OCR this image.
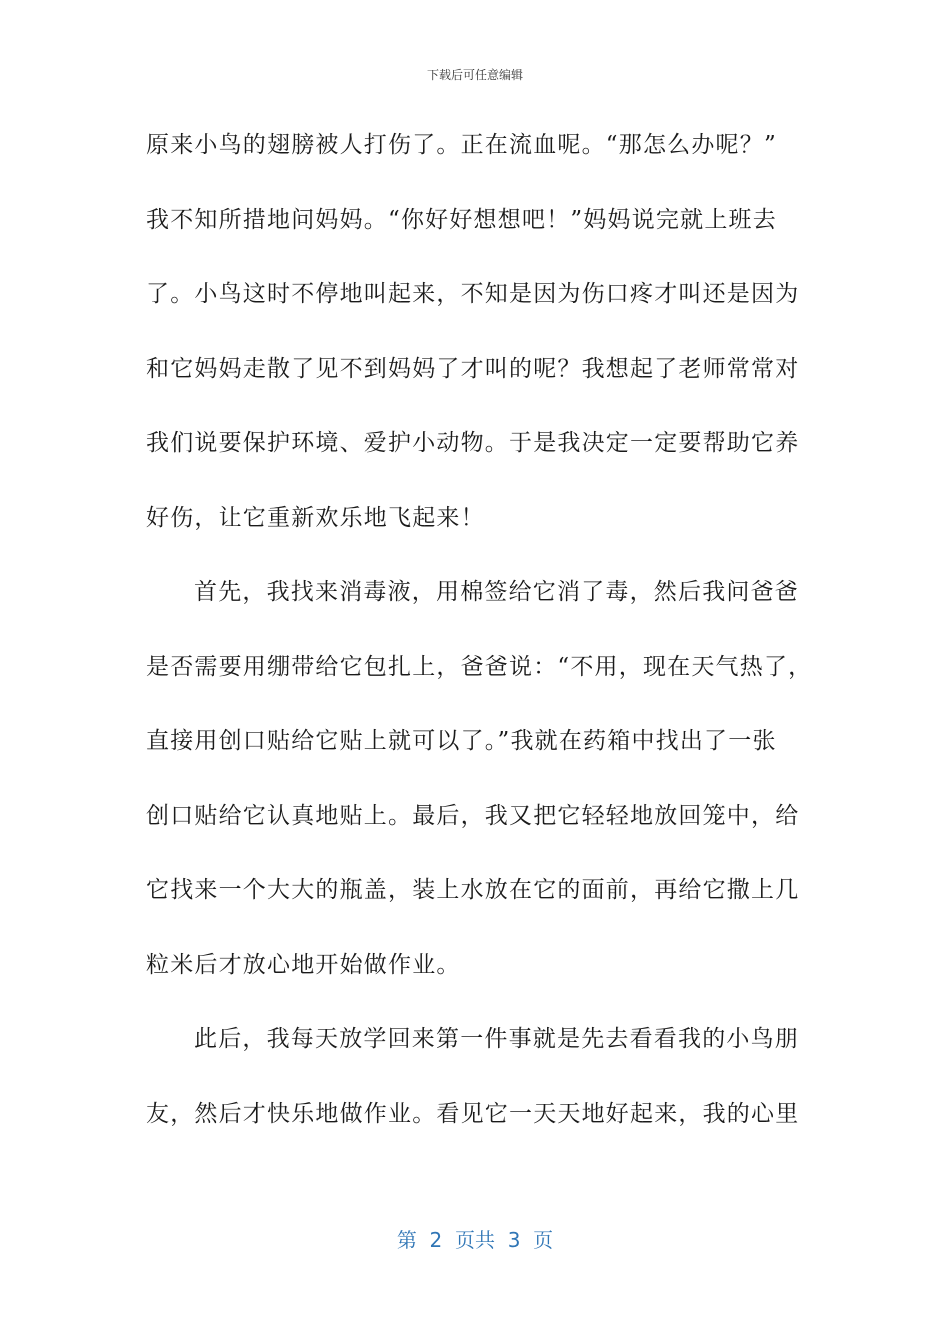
下载后可任意编辑
原来小鸟的翅膀被人打伤了。正在流血呢。“那怎么办呢？”
我不知所措地问妈妈。“你好好想想吧！”妈妈说完就上班去
了。小鸟这时不停地叫起来，不知是因为伤口疼才叫还是因为
和它妈妈走散了见不到妈妈了才叫的呢？我想起了老师常常对
我们说要保护环境、爱护小动物。于是我决定一定要帮助它养
好伤，让它重新欢乐地飞起来！
首先，我找来消毒液，用棉签给它消了毒，然后我问爸爸
是否需要用绷带给它包扎上，爸爸说：“不用，现在天气热了，
直接用创口贴给它贴上就可以了。”我就在药箱中找出了一张
创口贴给它认真地贴上。最后，我又把它轻轻地放回笼中，给
它找来一个大大的瓶盖，装上水放在它的面前，再给它撒上几
粒米后才放心地开始做作业。
此后，我每天放学回来第一件事就是先去看看我的小鸟朋
友，然后才快乐地做作业。看见它一天天地好起来，我的心里
第  2  页共  3  页
